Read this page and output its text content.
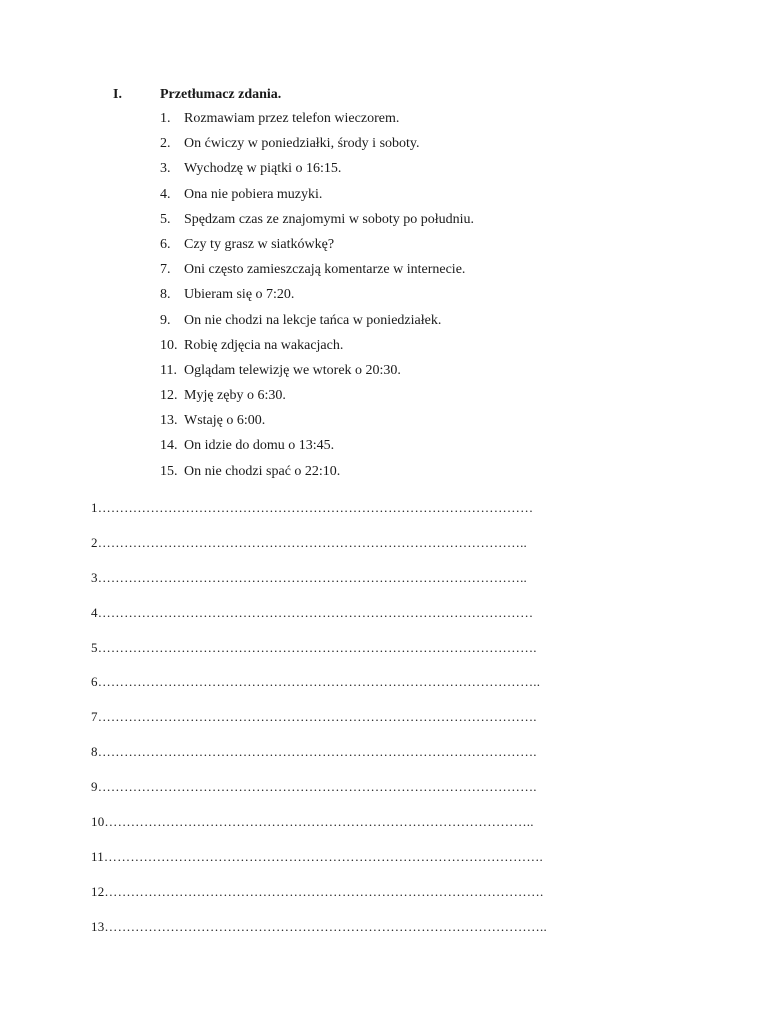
I.	Przetłumacz zdania.
1. Rozmawiam przez telefon wieczorem.
2. On ćwiczy w poniedziałki, środy i soboty.
3. Wychodzę w piątki o 16:15.
4. Ona nie pobiera muzyki.
5. Spędzam czas ze znajomymi w soboty po południu.
6. Czy ty grasz w siatkówkę?
7. Oni często zamieszczają komentarze w internecie.
8. Ubieram się o 7:20.
9. On nie chodzi na lekcje tańca w poniedziałek.
10. Robię zdjęcia na wakacjach.
11. Oglądam telewizję we wtorek o 20:30.
12. Myję zęby o 6:30.
13. Wstaję o 6:00.
14. On idzie do domu o 13:45.
15. On nie chodzi spać o 22:10.
1………………………………………………………………………………………
2……………………………………………………………………………………..
3……………………………………………………………………………………..
4………………………………………………………………………………………
5……………………………………………………………………………………….
6………………………………………………………………………………………..
7……………………………………………………………………………………….
8……………………………………………………………………………………….
9……………………………………………………………………………………….
10……………………………………………………………………………………..
11……………………………………………………………………………………….
12……………………………………………………………………………………….
13………………………………………………………………………………………..
